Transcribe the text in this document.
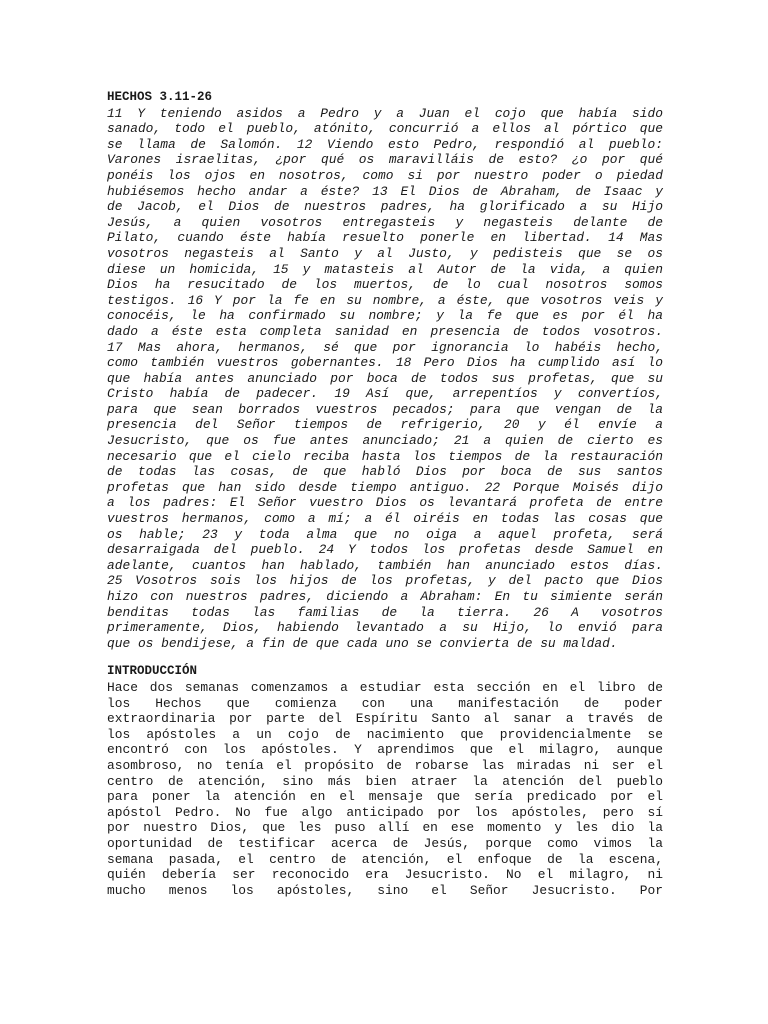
HECHOS 3.11-26
11 Y teniendo asidos a Pedro y a Juan el cojo que había sido
sanado, todo el pueblo, atónito, concurrió a ellos al pórtico que
se llama de Salomón. 12 Viendo esto Pedro, respondió al pueblo:
Varones israelitas, ¿por qué os maravilláis de esto? ¿o por qué
ponéis los ojos en nosotros, como si por nuestro poder o piedad
hubiésemos hecho andar a éste? 13 El Dios de Abraham, de Isaac y
de Jacob, el Dios de nuestros padres, ha glorificado a su Hijo
Jesús, a quien vosotros entregasteis y negasteis delante de
Pilato, cuando éste había resuelto ponerle en libertad. 14 Mas
vosotros negasteis al Santo y al Justo, y pedisteis que se os
diese un homicida, 15 y matasteis al Autor de la vida, a quien
Dios ha resucitado de los muertos, de lo cual nosotros somos
testigos. 16 Y por la fe en su nombre, a éste, que vosotros veis y
conocéis, le ha confirmado su nombre; y la fe que es por él ha
dado a éste esta completa sanidad en presencia de todos vosotros.
17 Mas ahora, hermanos, sé que por ignorancia lo habéis hecho,
como también vuestros gobernantes. 18 Pero Dios ha cumplido así lo
que había antes anunciado por boca de todos sus profetas, que su
Cristo había de padecer. 19 Así que, arrepentíos y convertíos,
para que sean borrados vuestros pecados; para que vengan de la
presencia del Señor tiempos de refrigerio, 20 y él envíe a
Jesucristo, que os fue antes anunciado; 21 a quien de cierto es
necesario que el cielo reciba hasta los tiempos de la restauración
de todas las cosas, de que habló Dios por boca de sus santos
profetas que han sido desde tiempo antiguo. 22 Porque Moisés dijo
a los padres: El Señor vuestro Dios os levantará profeta de entre
vuestros hermanos, como a mí; a él oiréis en todas las cosas que
os hable; 23 y toda alma que no oiga a aquel profeta, será
desarraigada del pueblo. 24 Y todos los profetas desde Samuel en
adelante, cuantos han hablado, también han anunciado estos días.
25 Vosotros sois los hijos de los profetas, y del pacto que Dios
hizo con nuestros padres, diciendo a Abraham: En tu simiente serán
benditas todas las familias de la tierra. 26 A vosotros
primeramente, Dios, habiendo levantado a su Hijo, lo envió para
que os bendijese, a fin de que cada uno se convierta de su maldad.
INTRODUCCIÓN
Hace dos semanas comenzamos a estudiar esta sección en el libro de
los Hechos que comienza con una manifestación de poder
extraordinaria por parte del Espíritu Santo al sanar a través de
los apóstoles a un cojo de nacimiento que providencialmente se
encontró con los apóstoles. Y aprendimos que el milagro, aunque
asombroso, no tenía el propósito de robarse las miradas ni ser el
centro de atención, sino más bien atraer la atención del pueblo
para poner la atención en el mensaje que sería predicado por el
apóstol Pedro. No fue algo anticipado por los apóstoles, pero sí
por nuestro Dios, que les puso allí en ese momento y les dio la
oportunidad de testificar acerca de Jesús, porque como vimos la
semana pasada, el centro de atención, el enfoque de la escena,
quién debería ser reconocido era Jesucristo. No el milagro, ni
mucho menos los apóstoles, sino el Señor Jesucristo. Por
